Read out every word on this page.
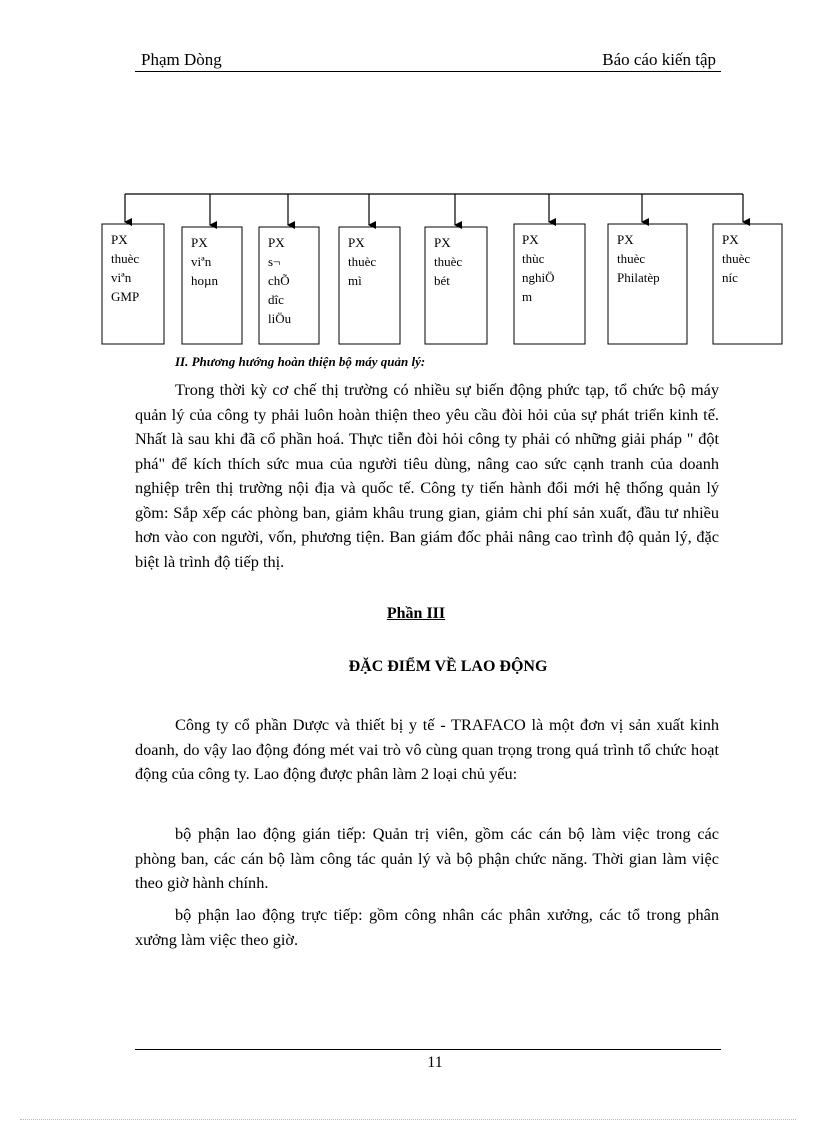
Phạm Dòng	Báo cáo kiến tập
PX
thuèc
viªn
GMP
PX
viªn
hoµn
PX
s¬
chÕ
dîc
liÖu
PX
thuèc
mì
PX
thuèc
bét
PX
thùc
nghiÖ
m
PX
thuèc
Philatèp
PX
thuèc
níc
II. Phương hướng hoàn thiện bộ máy quản lý:
Trong thời kỳ cơ chế thị trường có nhiều sự biến động phức tạp, tổ chức bộ máy quản lý của công ty phải luôn hoàn thiện theo yêu cầu đòi hỏi của sự phát triển kinh tế. Nhất là sau khi đã cổ phần hoá. Thực tiễn đòi hỏi công ty phải có những giải pháp " đột phá" để kích thích sức mua của người tiêu dùng, nâng cao sức cạnh tranh của doanh nghiệp trên thị trường nội địa và quốc tế. Công ty tiến hành đổi mới hệ thống quản lý gồm: Sắp xếp các phòng ban, giảm khâu trung gian, giảm chi phí sản xuất, đầu tư nhiều hơn vào con người, vốn, phương tiện. Ban giám đốc phải nâng cao trình độ quản lý, đặc biệt là trình độ tiếp thị.
Phần III
ĐẶC ĐIỂM VỀ LAO ĐỘNG
Công ty cổ phần Dược và thiết bị y tế - TRAFACO là một đơn vị sản xuất kinh doanh, do vậy lao động đóng mét vai trò vô cùng quan trọng trong quá trình tổ chức hoạt động của công ty. Lao động được phân làm 2 loại chủ yếu:
bộ phận lao động gián tiếp: Quản trị viên, gồm các cán bộ làm việc trong các phòng ban, các cán bộ làm công tác quản lý và bộ phận chức năng. Thời gian làm việc theo giờ hành chính.
bộ phận lao động trực tiếp: gồm công nhân các phân xưởng, các tổ trong phân xưởng làm việc theo giờ.
11
